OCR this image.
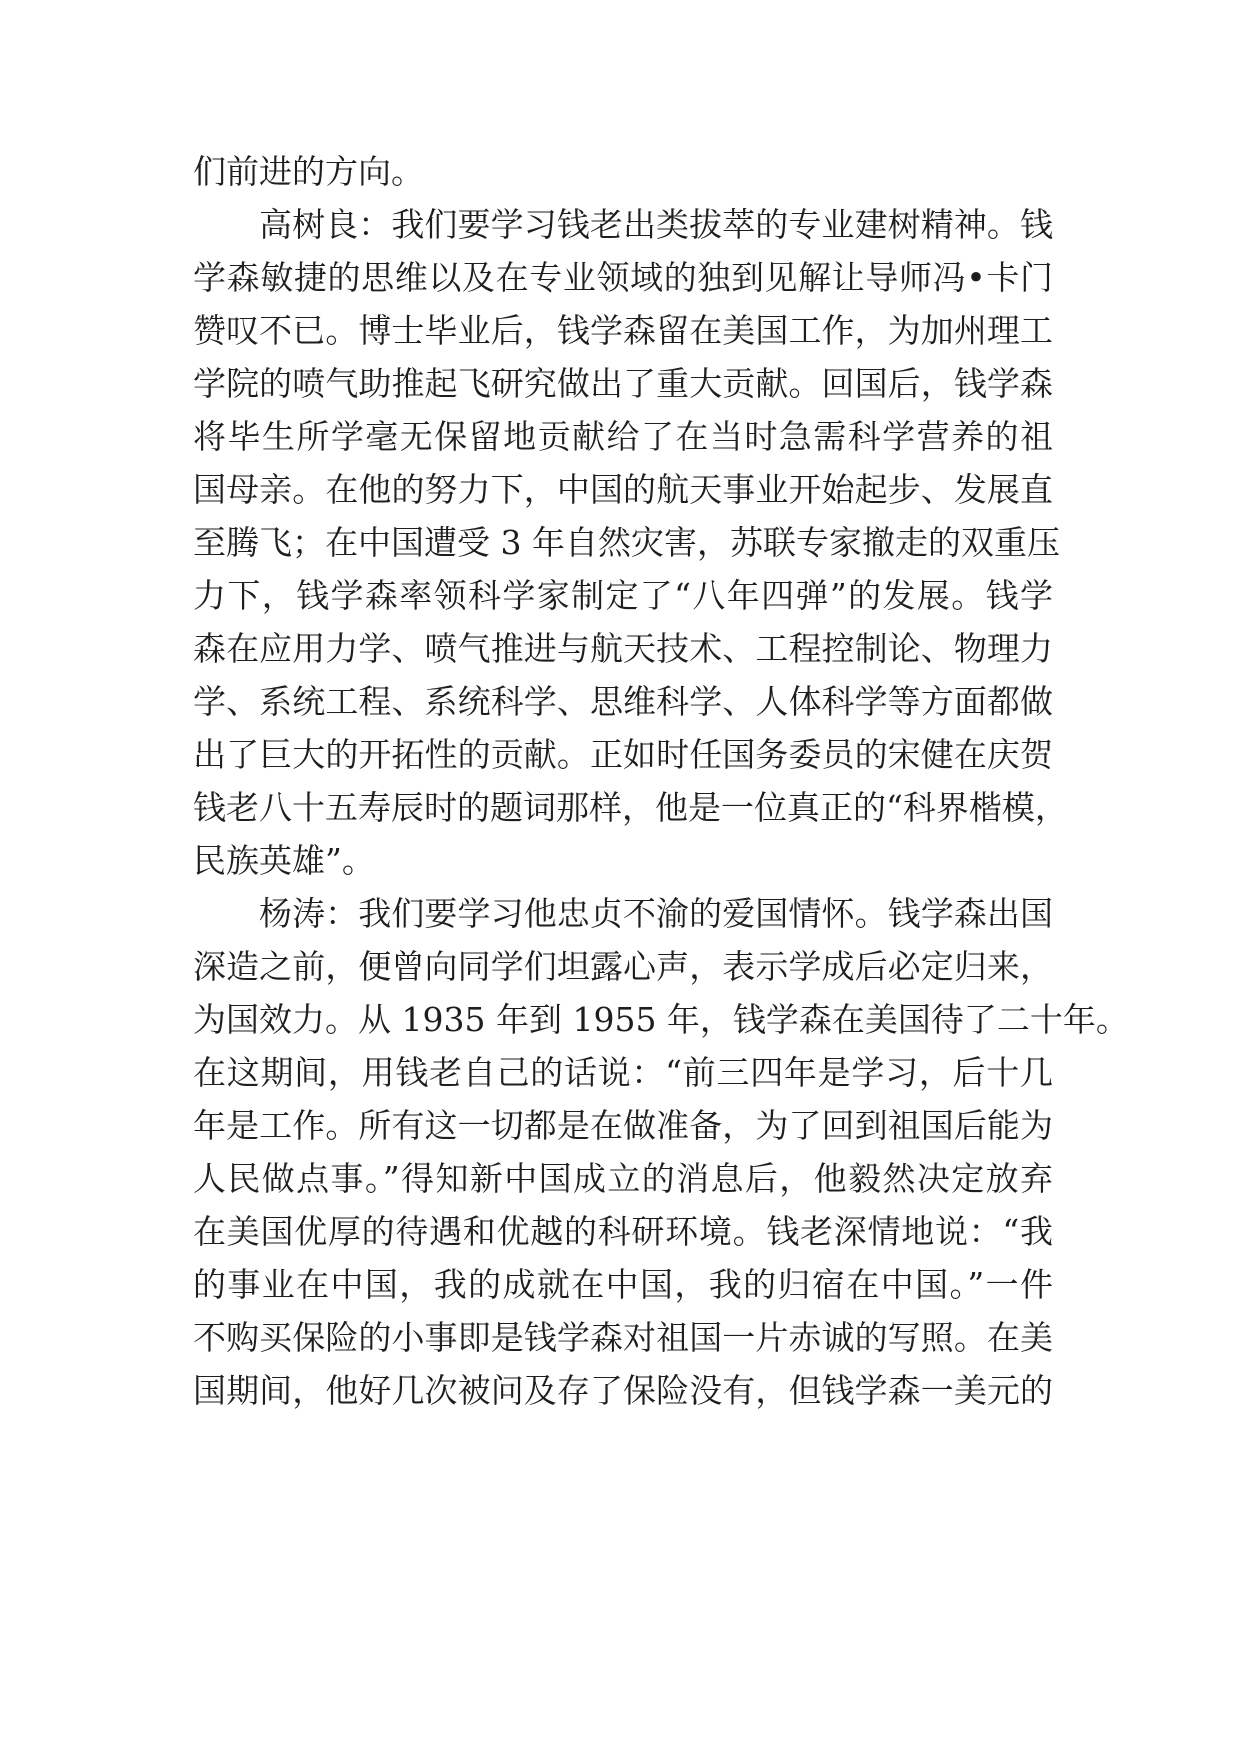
们前进的方向。
高树良：我们要学习钱老出类拔萃的专业建树精神。钱
学森敏捷的思维以及在专业领域的独到见解让导师冯•卡门
赞叹不已。博士毕业后，钱学森留在美国工作，为加州理工
学院的喷气助推起飞研究做出了重大贡献。回国后，钱学森
将毕生所学毫无保留地贡献给了在当时急需科学营养的祖
国母亲。在他的努力下，中国的航天事业开始起步、发展直
至腾飞；在中国遭受 3 年自然灾害，苏联专家撤走的双重压
力下，钱学森率领科学家制定了“八年四弹”的发展。钱学
森在应用力学、喷气推进与航天技术、工程控制论、物理力
学、系统工程、系统科学、思维科学、人体科学等方面都做
出了巨大的开拓性的贡献。正如时任国务委员的宋健在庆贺
钱老八十五寿辰时的题词那样，他是一位真正的“科界楷模，
民族英雄”。
杨涛：我们要学习他忠贞不渝的爱国情怀。钱学森出国
深造之前，便曾向同学们坦露心声，表示学成后必定归来，
为国效力。从 1935 年到 1955 年，钱学森在美国待了二十年。
在这期间，用钱老自己的话说：“前三四年是学习，后十几
年是工作。所有这一切都是在做准备，为了回到祖国后能为
人民做点事。”得知新中国成立的消息后，他毅然决定放弃
在美国优厚的待遇和优越的科研环境。钱老深情地说：“我
的事业在中国，我的成就在中国，我的归宿在中国。”一件
不购买保险的小事即是钱学森对祖国一片赤诚的写照。在美
国期间，他好几次被问及存了保险没有，但钱学森一美元的
